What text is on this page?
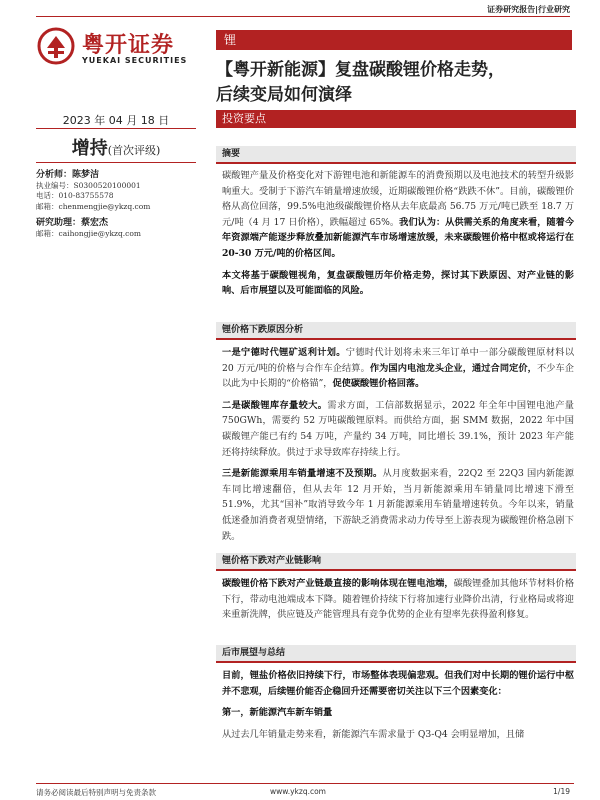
证券研究报告|行业研究
粤开证券
YUEKAI SECURITIES
锂
【粤开新能源】复盘碳酸锂价格走势，
后续变局如何演绎
投资要点
2023 年 04 月 18 日
增持(首次评级)
分析师：陈梦洁
执业编号：S0300520100001
电话：010-83755578
邮箱：chenmengjie@ykzq.com
研究助理：蔡宏杰
邮箱：caihongjie@ykzq.com
摘要

碳酸锂产量及价格变化对下游锂电池和新能源车的消费预期以及电池技术的转型升级影响重大。受制于下游汽车销量增速放缓，近期碳酸锂价格“跌跌不休”。目前，碳酸锂价格从高位回落，99.5%电池级碳酸锂价格从去年底最高 56.75 万元/吨已跌至 18.7 万元/吨（4 月 17 日价格），跌幅超过 65%。我们认为：从供需关系的角度来看，随着今年资源端产能逐步释放叠加新能源汽车市场增速放缓，未来碳酸锂价格中枢或将运行在 20-30 万元/吨的价格区间。

本文将基于碳酸锂视角，复盘碳酸锂历年价格走势，探讨其下跌原因、对产业链的影响、后市展望以及可能面临的风险。

锂价格下跌原因分析

一是宁德时代锂矿返利计划。宁德时代计划将未来三年订单中一部分碳酸锂原材料以 20 万元/吨的价格与合作车企结算。作为国内电池龙头企业，通过合同定价，不少车企以此为中长期的“价格锚”，促使碳酸锂价格回落。

二是碳酸锂库存量较大。需求方面，工信部数据显示，2022 年全年中国锂电池产量 750GWh，需要约 52 万吨碳酸锂原料。而供给方面，据 SMM 数据，2022 年中国碳酸锂产能已有约 54 万吨，产量约 34 万吨，同比增长 39.1%，预计 2023 年产能还将持续释放。供过于求导致库存持续上行。

三是新能源乘用车销量增速不及预期。从月度数据来看，22Q2 至 22Q3 国内新能源车同比增速翻倍，但从去年 12 月开始，当月新能源乘用车销量同比增速下滑至 51.9%，尤其“国补”取消导致今年 1 月新能源乘用车销量增速转负。今年以来，销量低迷叠加消费者观望情绪，下游缺乏消费需求动力传导至上游表现为碳酸锂价格急剧下跌。

锂价格下跌对产业链影响

碳酸锂价格下跌对产业链最直接的影响体现在锂电池端，碳酸锂叠加其他环节材料价格下行，带动电池端成本下降。随着锂价持续下行将加速行业降价出清，行业格局或将迎来重新洗牌，供应链及产能管理具有竞争优势的企业有望率先获得盈利修复。

后市展望与总结

目前，锂盐价格依旧持续下行，市场整体表现偏悲观。但我们对中长期的锂价运行中枢并不悲观，后续锂价能否企稳回升还需要密切关注以下三个因素变化：

第一，新能源汽车新车销量

从过去几年销量走势来看，新能源汽车需求量于 Q3-Q4 会明显增加，且储

请务必阅读最后特别声明与免责条款	www.ykzq.com	1/19
